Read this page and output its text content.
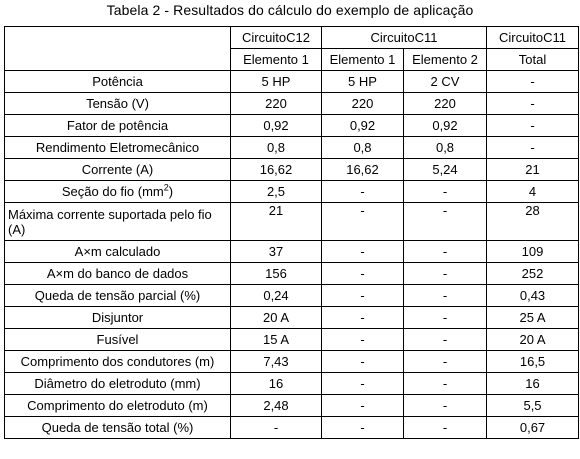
Tabela 2 - Resultados do cálculo do exemplo de aplicação
	CircuitoC12	CircuitoC11		CircuitoC11
	Elemento 1	Elemento 1	Elemento 2	Total
Potência	5 HP	5 HP	2 CV	-
Tensão (V)	220	220	220	-
Fator de potência	0,92	0,92	0,92	-
Rendimento Eletromecânico	0,8	0,8	0,8	-
Corrente (A)	16,62	16,62	5,24	21
Seção do fio $(mm^2)$	2,5	-	-	4
Máxima corrente suportada pelo fio (A)	21	-	-	28
A×m calculado	37	-	-	109
A×m do banco de dados	156	-	-	252
Queda de tensão parcial (%)	0,24	-	-	0,43
Disjuntor	20 A	-	-	25 A
Fusível	15 A	-	-	20 A
Comprimento dos condutores (m)	7,43	-	-	16,5
Diâmetro do eletroduto (mm)	16	-	-	16
Comprimento do eletroduto (m)	2,48	-	-	5,5
Queda de tensão total (%)	-	-	-	0,67
